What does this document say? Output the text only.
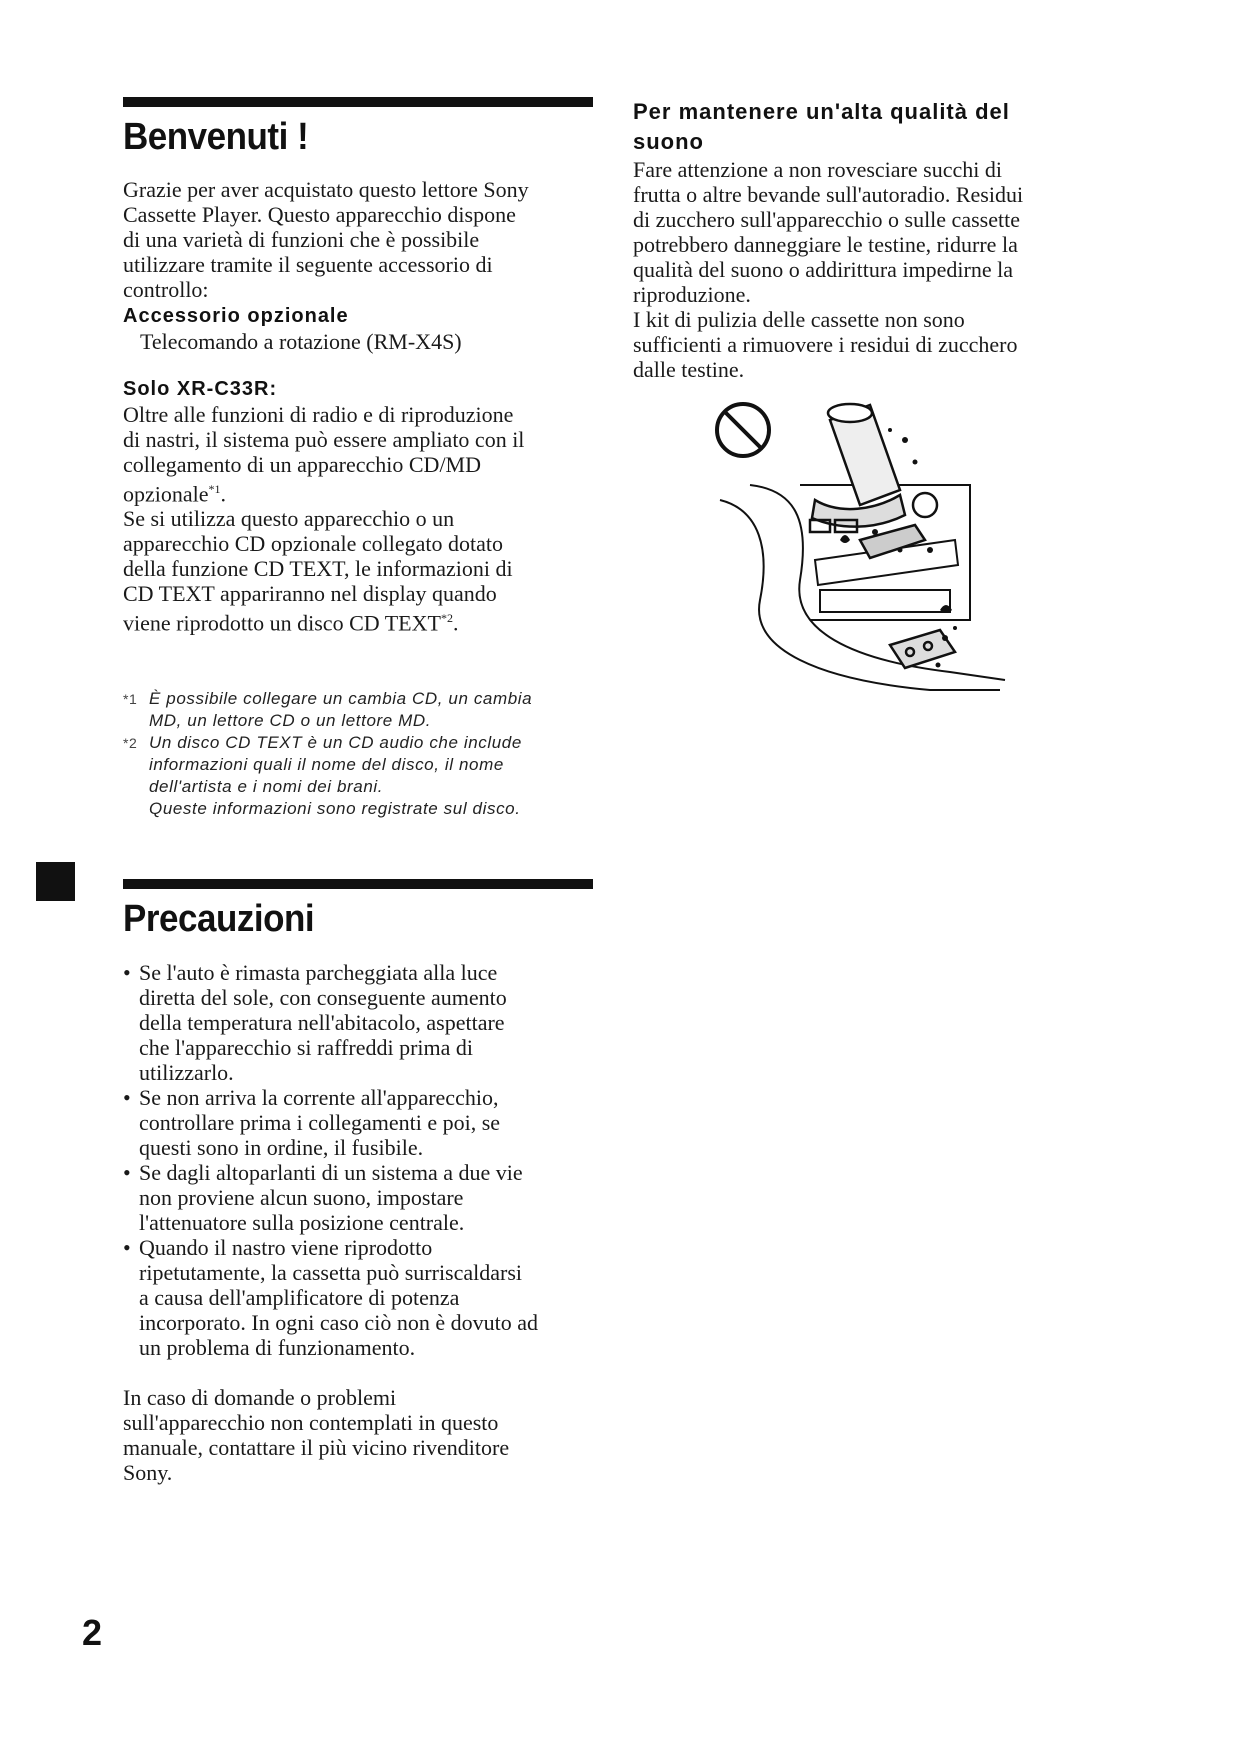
Benvenuti !

Grazie per aver acquistato questo lettore Sony
Cassette Player. Questo apparecchio dispone
di una varietà di funzioni che è possibile
utilizzare tramite il seguente accessorio di
controllo:

Accessorio opzionale

Telecomando a rotazione (RM-X4S)

Solo XR-C33R:

Oltre alle funzioni di radio e di riproduzione
di nastri, il sistema può essere ampliato con il
collegamento di un apparecchio CD/MD
opzionale$^{*1}$.

Se si utilizza questo apparecchio o un
apparecchio CD opzionale collegato dotato
della funzione CD TEXT, le informazioni di
CD TEXT appariranno nel display quando
viene riprodotto un disco CD TEXT$^{*2}$.

*1 È possibile collegare un cambia CD, un cambia
MD, un lettore CD o un lettore MD.
*2 Un disco CD TEXT è un CD audio che include
informazioni quali il nome del disco, il nome
dell'artista e i nomi dei brani.
Queste informazioni sono registrate sul disco.
Per mantenere un'alta qualità del
suono

Fare attenzione a non rovesciare succhi di
frutta o altre bevande sull'autoradio. Residui
di zucchero sull'apparecchio o sulle cassette
potrebbero danneggiare le testine, ridurre la
qualità del suono o addirittura impedirne la
riproduzione.
I kit di pulizia delle cassette non sono
sufficienti a rimuovere i residui di zucchero
dalle testine.

Precauzioni
• Se l'auto è rimasta parcheggiata alla luce
diretta del sole, con conseguente aumento
della temperatura nell'abitacolo, aspettare
che l'apparecchio si raffreddi prima di
utilizzarlo.
• Se non arriva la corrente all'apparecchio,
controllare prima i collegamenti e poi, se
questi sono in ordine, il fusibile.
• Se dagli altoparlanti di un sistema a due vie
non proviene alcun suono, impostare
l'attenuatore sulla posizione centrale.
• Quando il nastro viene riprodotto
ripetutamente, la cassetta può surriscaldarsi
a causa dell'amplificatore di potenza
incorporato. In ogni caso ciò non è dovuto ad
un problema di funzionamento.

In caso di domande o problemi
sull'apparecchio non contemplati in questo
manuale, contattare il più vicino rivenditore
Sony.

2
